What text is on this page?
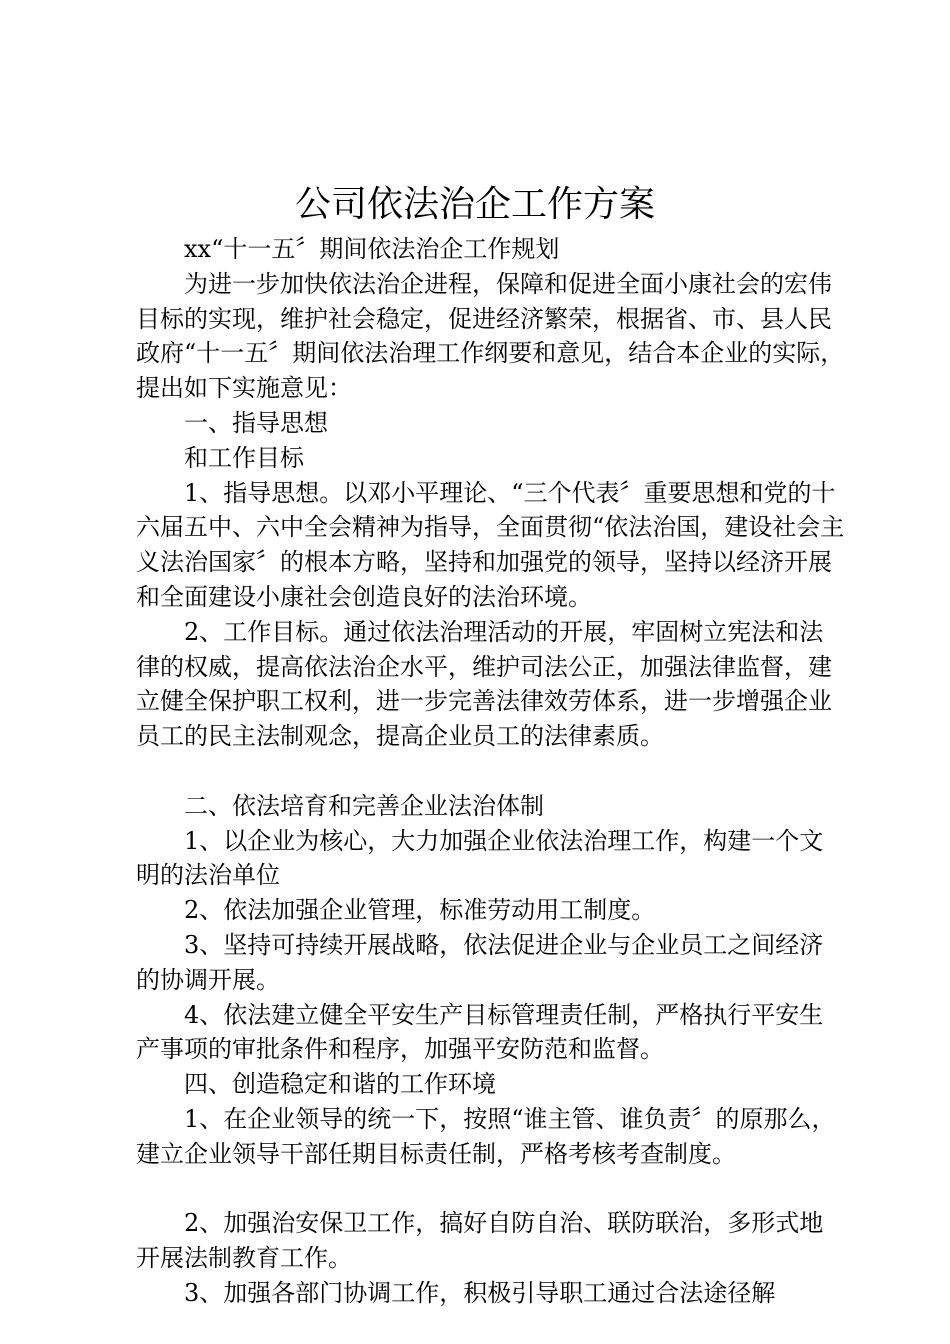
公司依法治企工作方案

xx“十一五〞期间依法治企工作规划

为进一步加快依法治企进程，保障和促进全面小康社会的宏伟目标的实现，维护社会稳定，促进经济繁荣，根据省、市、县人民政府“十一五〞期间依法治理工作纲要和意见，结合本企业的实际，提出如下实施意见：

一、指导思想

和工作目标

1、指导思想。以邓小平理论、“三个代表〞重要思想和党的十六届五中、六中全会精神为指导，全面贯彻“依法治国，建设社会主义法治国家〞的根本方略，坚持和加强党的领导，坚持以经济开展和全面建设小康社会创造良好的法治环境。

2、工作目标。通过依法治理活动的开展，牢固树立宪法和法律的权威，提高依法治企水平，维护司法公正，加强法律监督，建立健全保护职工权利，进一步完善法律效劳体系，进一步增强企业员工的民主法制观念，提高企业员工的法律素质。

二、依法培育和完善企业法治体制

1、以企业为核心，大力加强企业依法治理工作，构建一个文明的法治单位

2、依法加强企业管理，标准劳动用工制度。

3、坚持可持续开展战略，依法促进企业与企业员工之间经济的协调开展。

4、依法建立健全平安生产目标管理责任制，严格执行平安生产事项的审批条件和程序，加强平安防范和监督。

四、创造稳定和谐的工作环境

1、在企业领导的统一下，按照“谁主管、谁负责〞的原那么，建立企业领导干部任期目标责任制，严格考核考查制度。

2、加强治安保卫工作，搞好自防自治、联防联治，多形式地开展法制教育工作。

3、加强各部门协调工作，积极引导职工通过合法途径解
